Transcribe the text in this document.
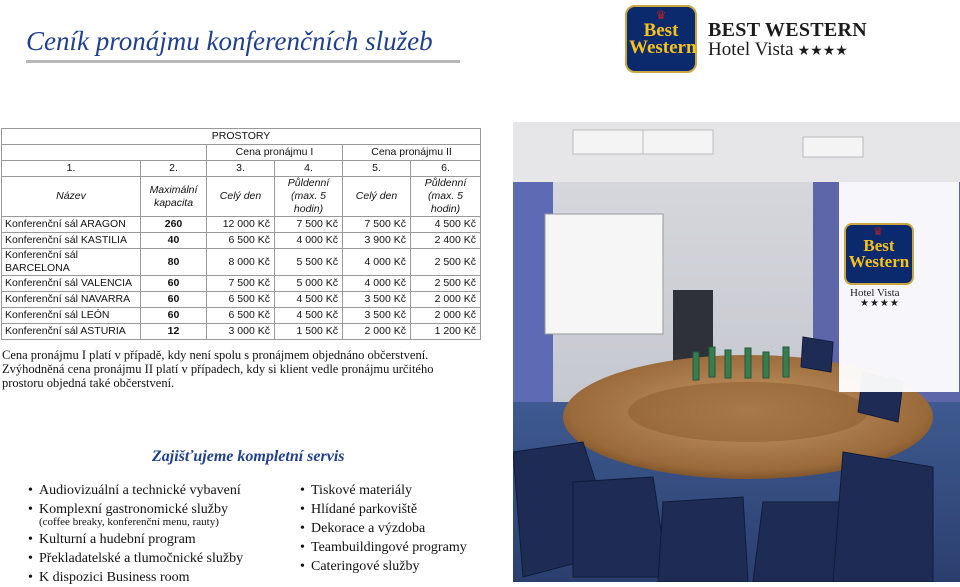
Ceník pronájmu konferenčních služeb
♛
Best
Western
BEST WESTERN
Hotel Vista ★★★★
PROSTORY					
		Cena pronájmu I		Cena pronájmu II	
1.	2.	3.	4.	5.	6.
Název	Maximální kapacita	Celý den	Půldenní (max. 5 hodin)	Celý den	Půldenní (max. 5 hodin)
Konferenční sál ARAGON	260	12 000 Kč	7 500 Kč	7 500 Kč	4 500 Kč
Konferenční sál KASTILIA	40	6 500 Kč	4 000 Kč	3 900 Kč	2 400 Kč
Konferenční sál BARCELONA	80	8 000 Kč	5 500 Kč	4 000 Kč	2 500 Kč
Konferenční sál VALENCIA	60	7 500 Kč	5 000 Kč	4 000 Kč	2 500 Kč
Konferenční sál NAVARRA	60	6 500 Kč	4 500 Kč	3 500 Kč	2 000 Kč
Konferenční sál LEÓN	60	6 500 Kč	4 500 Kč	3 500 Kč	2 000 Kč
Konferenční sál ASTURIA	12	3 000 Kč	1 500 Kč	2 000 Kč	1 200 Kč

Cena pronájmu I platí v případě, kdy není spolu s pronájmem objednáno občerstvení.

Zvýhodněná cena pronájmu II platí v případech, kdy si klient vedle pronájmu určitého prostoru objedná také občerstvení.

Zajišťujeme kompletní servis
• Audiovizuální a technické vybavení
• Komplexní gastronomické služby
(coffee breaky, konferenční menu, rauty)
• Kulturní a hudební program
• Překladatelské a tlumočnické služby
• K dispozici Business room
• Tiskové materiály
• Hlídané parkoviště
• Dekorace a výzdoba
• Teambuildingové programy
• Cateringové služby
♛
Best
Western
Hotel Vista
★★★★
